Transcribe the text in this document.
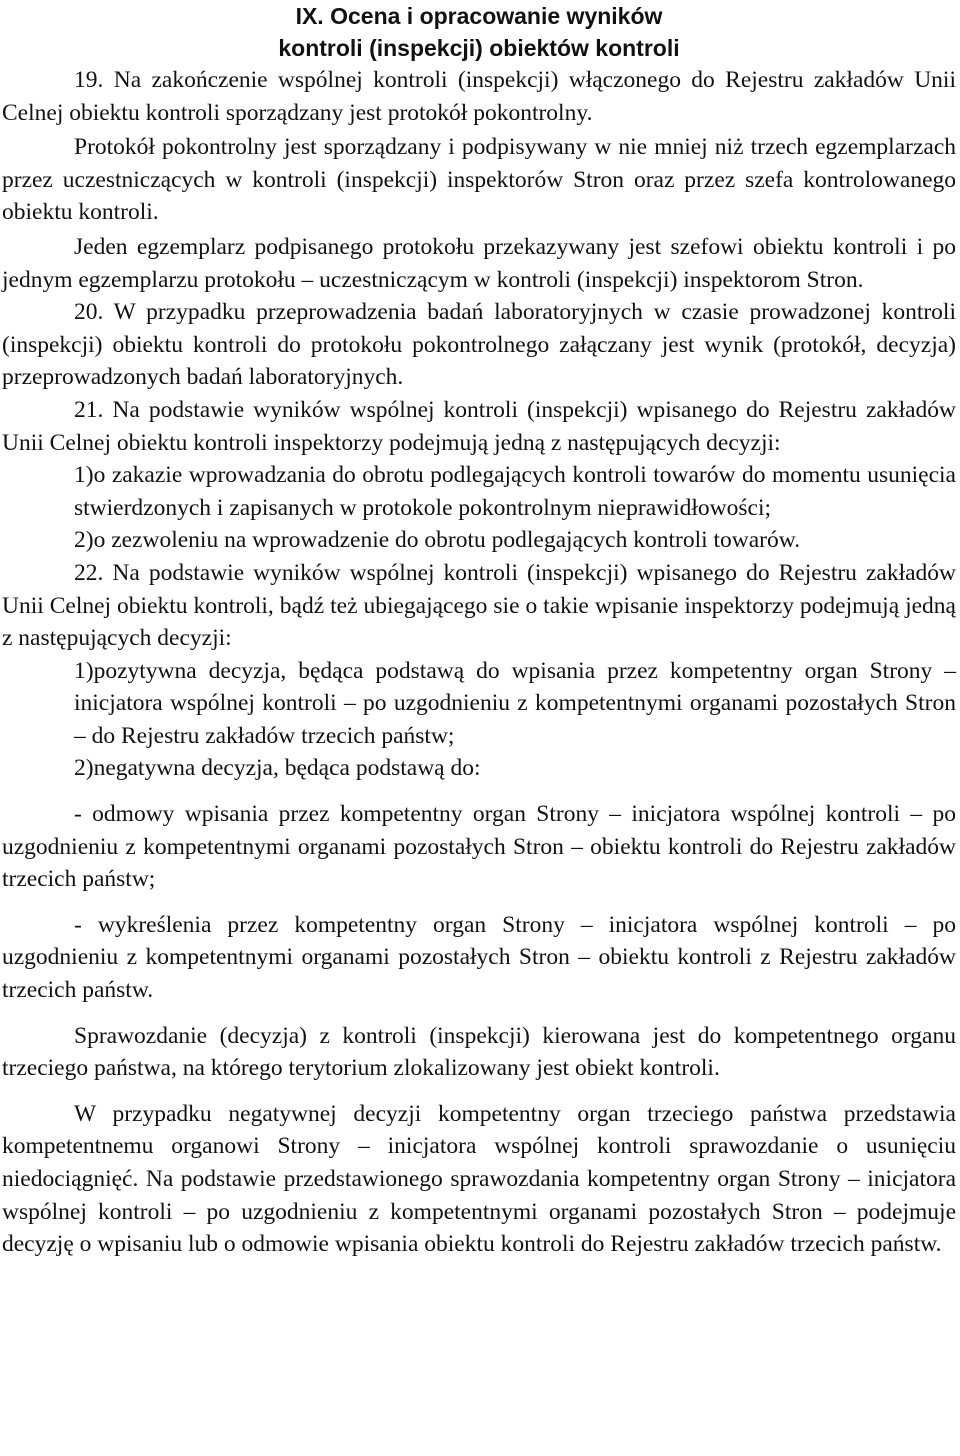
IX. Ocena i opracowanie wyników
kontroli (inspekcji) obiektów kontroli

19. Na zakończenie wspólnej kontroli (inspekcji) włączonego do Rejestru zakładów Unii Celnej obiektu kontroli sporządzany jest protokół pokontrolny.

Protokół pokontrolny jest sporządzany i podpisywany w nie mniej niż trzech egzemplarzach przez uczestniczących w kontroli (inspekcji) inspektorów Stron oraz przez szefa kontrolowanego obiektu kontroli.

Jeden egzemplarz podpisanego protokołu przekazywany jest szefowi obiektu kontroli i po jednym egzemplarzu protokołu – uczestniczącym w kontroli (inspekcji) inspektorom Stron.

20. W przypadku przeprowadzenia badań laboratoryjnych w czasie prowadzonej kontroli (inspekcji) obiektu kontroli do protokołu pokontrolnego załączany jest wynik (protokół, decyzja) przeprowadzonych badań laboratoryjnych.

21. Na podstawie wyników wspólnej kontroli (inspekcji) wpisanego do Rejestru zakładów Unii Celnej obiektu kontroli inspektorzy podejmują jedną z następujących decyzji:

1)o zakazie wprowadzania do obrotu podlegających kontroli towarów do momentu usunięcia stwierdzonych i zapisanych w protokole pokontrolnym nieprawidłowości;

2)o zezwoleniu na wprowadzenie do obrotu podlegających kontroli towarów.

22. Na podstawie wyników wspólnej kontroli (inspekcji) wpisanego do Rejestru zakładów Unii Celnej obiektu kontroli, bądź też ubiegającego sie o takie wpisanie inspektorzy podejmują jedną z następujących decyzji:

1)pozytywna decyzja, będąca podstawą do wpisania przez kompetentny organ Strony – inicjatora wspólnej kontroli – po uzgodnieniu z kompetentnymi organami pozostałych Stron – do Rejestru zakładów trzecich państw;

2)negatywna decyzja, będąca podstawą do:

- odmowy wpisania przez kompetentny organ Strony – inicjatora wspólnej kontroli – po uzgodnieniu z kompetentnymi organami pozostałych Stron – obiektu kontroli do Rejestru zakładów trzecich państw;

- wykreślenia przez kompetentny organ Strony – inicjatora wspólnej kontroli – po uzgodnieniu z kompetentnymi organami pozostałych Stron – obiektu kontroli z Rejestru zakładów trzecich państw.

Sprawozdanie (decyzja) z kontroli (inspekcji) kierowana jest do kompetentnego organu trzeciego państwa, na którego terytorium zlokalizowany jest obiekt kontroli.

W przypadku negatywnej decyzji kompetentny organ trzeciego państwa przedstawia kompetentnemu organowi Strony – inicjatora wspólnej kontroli sprawozdanie o usunięciu niedociągnięć. Na podstawie przedstawionego sprawozdania kompetentny organ Strony – inicjatora wspólnej kontroli – po uzgodnieniu z kompetentnymi organami pozostałych Stron – podejmuje decyzję o wpisaniu lub o odmowie wpisania obiektu kontroli do Rejestru zakładów trzecich państw.
